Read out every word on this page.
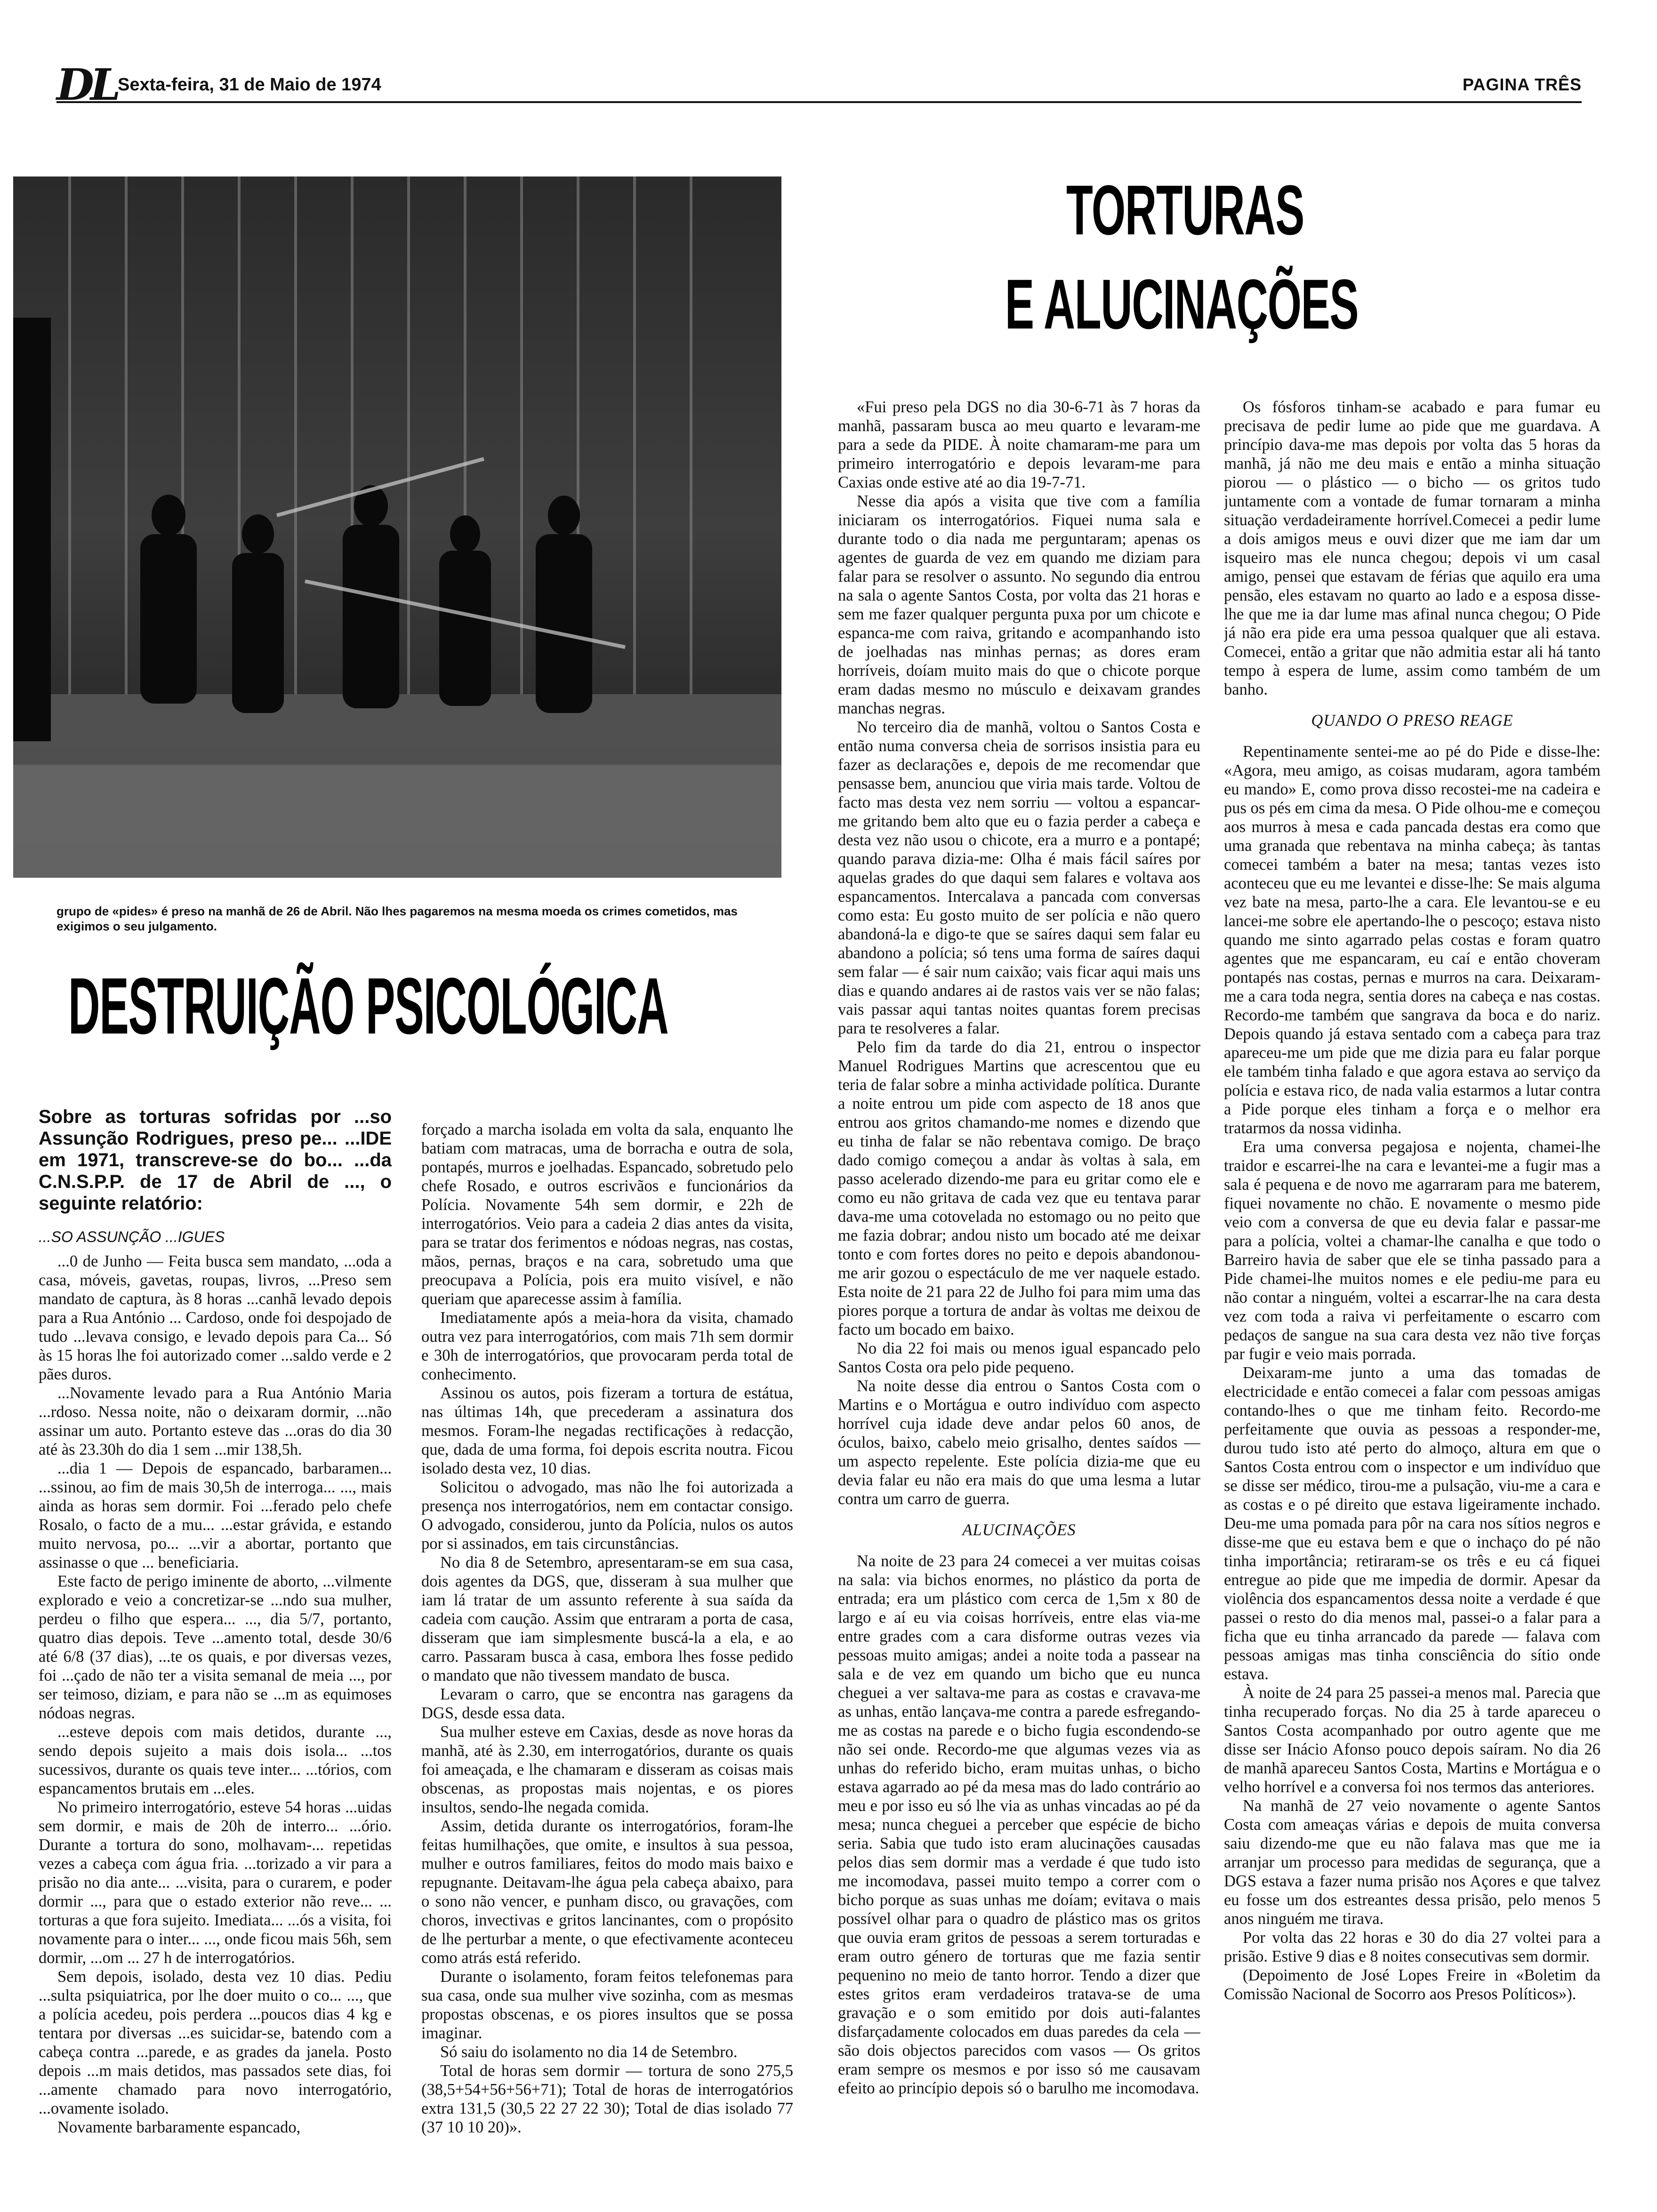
DL Sexta-feira, 31 de Maio de 1974	PAGINA TRÊS
grupo de «pides» é preso na manhã de 26 de Abril. Não lhes pagaremos na mesma moeda os crimes cometidos, mas exigimos o seu julgamento.
TORTURAS
E ALUCINAÇÕES
DESTRUIÇÃO PSICOLÓGICA

Sobre as torturas sofridas por ...so Assunção Rodrigues, preso pe... ...IDE em 1971, transcreve-se do bo... ...da C.N.S.P.P. de 17 de Abril de ..., o seguinte relatório:

...SO ASSUNÇÃO ...IGUES

...0 de Junho — Feita busca sem mandato, ...oda a casa, móveis, gavetas, roupas, livros, ...Preso sem mandato de captura, às 8 horas ...canhã levado depois para a Rua António ... Cardoso, onde foi despojado de tudo ...levava consigo, e levado depois para Ca... Só às 15 horas lhe foi autorizado comer ...saldo verde e 2 pães duros.

...Novamente levado para a Rua António Maria ...rdoso. Nessa noite, não o deixaram dormir, ...não assinar um auto. Portanto esteve das ...oras do dia 30 até às 23.30h do dia 1 sem ...mir 138,5h.

...dia 1 — Depois de espancado, barbaramen... ...ssinou, ao fim de mais 30,5h de interroga... ..., mais ainda as horas sem dormir. Foi ...ferado pelo chefe Rosalo, o facto de a mu... ...estar grávida, e estando muito nervosa, po... ...vir a abortar, portanto que assinasse o que ... beneficiaria.

Este facto de perigo iminente de aborto, ...vilmente explorado e veio a concretizar-se ...ndo sua mulher, perdeu o filho que espera... ..., dia 5/7, portanto, quatro dias depois. Teve ...amento total, desde 30/6 até 6/8 (37 dias), ...te os quais, e por diversas vezes, foi ...çado de não ter a visita semanal de meia ..., por ser teimoso, diziam, e para não se ...m as equimoses nódoas negras.

...esteve depois com mais detidos, durante ..., sendo depois sujeito a mais dois isola... ...tos sucessivos, durante os quais teve inter... ...tórios, com espancamentos brutais em ...eles.

No primeiro interrogatório, esteve 54 horas ...uidas sem dormir, e mais de 20h de interro... ...ório. Durante a tortura do sono, molhavam-... repetidas vezes a cabeça com água fria. ...torizado a vir para a prisão no dia ante... ...visita, para o curarem, e poder dormir ..., para que o estado exterior não reve... ... torturas a que fora sujeito. Imediata... ...ós a visita, foi novamente para o inter... ..., onde ficou mais 56h, sem dormir, ...om ... 27 h de interrogatórios.

Sem depois, isolado, desta vez 10 dias. Pediu ...sulta psiquiatrica, por lhe doer muito o co... ..., que a polícia acedeu, pois perdera ...poucos dias 4 kg e tentara por diversas ...es suicidar-se, batendo com a cabeça contra ...parede, e as grades da janela. Posto depois ...m mais detidos, mas passados sete dias, foi ...amente chamado para novo interrogatório, ...ovamente isolado.

Novamente barbaramente espancado,

forçado a marcha isolada em volta da sala, enquanto lhe batiam com matracas, uma de borracha e outra de sola, pontapés, murros e joelhadas. Espancado, sobretudo pelo chefe Rosado, e outros escrivãos e funcionários da Polícia. Novamente 54h sem dormir, e 22h de interrogatórios. Veio para a cadeia 2 dias antes da visita, para se tratar dos ferimentos e nódoas negras, nas costas, mãos, pernas, braços e na cara, sobretudo uma que preocupava a Polícia, pois era muito visível, e não queriam que aparecesse assim à família.

Imediatamente após a meia-hora da visita, chamado outra vez para interrogatórios, com mais 71h sem dormir e 30h de interrogatórios, que provocaram perda total de conhecimento.

Assinou os autos, pois fizeram a tortura de estátua, nas últimas 14h, que precederam a assinatura dos mesmos. Foram-lhe negadas rectificações à redacção, que, dada de uma forma, foi depois escrita noutra. Ficou isolado desta vez, 10 dias.

Solicitou o advogado, mas não lhe foi autorizada a presença nos interrogatórios, nem em contactar consigo. O advogado, considerou, junto da Polícia, nulos os autos por si assinados, em tais circunstâncias.

No dia 8 de Setembro, apresentaram-se em sua casa, dois agentes da DGS, que, disseram à sua mulher que iam lá tratar de um assunto referente à sua saída da cadeia com caução. Assim que entraram a porta de casa, disseram que iam simplesmente buscá-la a ela, e ao carro. Passaram busca à casa, embora lhes fosse pedido o mandato que não tivessem mandato de busca.

Levaram o carro, que se encontra nas garagens da DGS, desde essa data.

Sua mulher esteve em Caxias, desde as nove horas da manhã, até às 2.30, em interrogatórios, durante os quais foi ameaçada, e lhe chamaram e disseram as coisas mais obscenas, as propostas mais nojentas, e os piores insultos, sendo-lhe negada comida.

Assim, detida durante os interrogatórios, foram-lhe feitas humilhações, que omite, e insultos à sua pessoa, mulher e outros familiares, feitos do modo mais baixo e repugnante. Deitavam-lhe água pela cabeça abaixo, para o sono não vencer, e punham disco, ou gravações, com choros, invectivas e gritos lancinantes, com o propósito de lhe perturbar a mente, o que efectivamente aconteceu como atrás está referido.

Durante o isolamento, foram feitos telefonemas para sua casa, onde sua mulher vive sozinha, com as mesmas propostas obscenas, e os piores insultos que se possa imaginar.

Só saiu do isolamento no dia 14 de Setembro.

Total de horas sem dormir — tortura de sono 275,5 (38,5+54+56+56+71); Total de horas de interrogatórios extra 131,5 (30,5 22 27 22 30); Total de dias isolado 77 (37 10 10 20)».

«Fui preso pela DGS no dia 30-6-71 às 7 horas da manhã, passaram busca ao meu quarto e levaram-me para a sede da PIDE. À noite chamaram-me para um primeiro interrogatório e depois levaram-me para Caxias onde estive até ao dia 19-7-71.

Nesse dia após a visita que tive com a família iniciaram os interrogatórios. Fiquei numa sala e durante todo o dia nada me perguntaram; apenas os agentes de guarda de vez em quando me diziam para falar para se resolver o assunto. No segundo dia entrou na sala o agente Santos Costa, por volta das 21 horas e sem me fazer qualquer pergunta puxa por um chicote e espanca-me com raiva, gritando e acompanhando isto de joelhadas nas minhas pernas; as dores eram horríveis, doíam muito mais do que o chicote porque eram dadas mesmo no músculo e deixavam grandes manchas negras.

No terceiro dia de manhã, voltou o Santos Costa e então numa conversa cheia de sorrisos insistia para eu fazer as declarações e, depois de me recomendar que pensasse bem, anunciou que viria mais tarde. Voltou de facto mas desta vez nem sorriu — voltou a espancar-me gritando bem alto que eu o fazia perder a cabeça e desta vez não usou o chicote, era a murro e a pontapé; quando parava dizia-me: Olha é mais fácil saíres por aquelas grades do que daqui sem falares e voltava aos espancamentos. Intercalava a pancada com conversas como esta: Eu gosto muito de ser polícia e não quero abandoná-la e digo-te que se saíres daqui sem falar eu abandono a polícia; só tens uma forma de saíres daqui sem falar — é sair num caixão; vais ficar aqui mais uns dias e quando andares ai de rastos vais ver se não falas; vais passar aqui tantas noites quantas forem precisas para te resolveres a falar.

Pelo fim da tarde do dia 21, entrou o inspector Manuel Rodrigues Martins que acrescentou que eu teria de falar sobre a minha actividade política. Durante a noite entrou um pide com aspecto de 18 anos que entrou aos gritos chamando-me nomes e dizendo que eu tinha de falar se não rebentava comigo. De braço dado comigo começou a andar às voltas à sala, em passo acelerado dizendo-me para eu gritar como ele e como eu não gritava de cada vez que eu tentava parar dava-me uma cotovelada no estomago ou no peito que me fazia dobrar; andou nisto um bocado até me deixar tonto e com fortes dores no peito e depois abandonou-me arir gozou o espectáculo de me ver naquele estado. Esta noite de 21 para 22 de Julho foi para mim uma das piores porque a tortura de andar às voltas me deixou de facto um bocado em baixo.

No dia 22 foi mais ou menos igual espancado pelo Santos Costa ora pelo pide pequeno.

Na noite desse dia entrou o Santos Costa com o Martins e o Mortágua e outro indivíduo com aspecto horrível cuja idade deve andar pelos 60 anos, de óculos, baixo, cabelo meio grisalho, dentes saídos — um aspecto repelente. Este polícia dizia-me que eu devia falar eu não era mais do que uma lesma a lutar contra um carro de guerra.

ALUCINAÇÕES

Na noite de 23 para 24 comecei a ver muitas coisas na sala: via bichos enormes, no plástico da porta de entrada; era um plástico com cerca de 1,5m x 80 de largo e aí eu via coisas horríveis, entre elas via-me entre grades com a cara disforme outras vezes via pessoas muito amigas; andei a noite toda a passear na sala e de vez em quando um bicho que eu nunca cheguei a ver saltava-me para as costas e cravava-me as unhas, então lançava-me contra a parede esfregando-me as costas na parede e o bicho fugia escondendo-se não sei onde. Recordo-me que algumas vezes via as unhas do referido bicho, eram muitas unhas, o bicho estava agarrado ao pé da mesa mas do lado contrário ao meu e por isso eu só lhe via as unhas vincadas ao pé da mesa; nunca cheguei a perceber que espécie de bicho seria. Sabia que tudo isto eram alucinações causadas pelos dias sem dormir mas a verdade é que tudo isto me incomodava, passei muito tempo a correr com o bicho porque as suas unhas me doíam; evitava o mais possível olhar para o quadro de plástico mas os gritos que ouvia eram gritos de pessoas a serem torturadas e eram outro género de torturas que me fazia sentir pequenino no meio de tanto horror. Tendo a dizer que estes gritos eram verdadeiros tratava-se de uma gravação e o som emitido por dois auti-falantes disfarçadamente colocados em duas paredes da cela — são dois objectos parecidos com vasos — Os gritos eram sempre os mesmos e por isso só me causavam efeito ao princípio depois só o barulho me incomodava.

Os fósforos tinham-se acabado e para fumar eu precisava de pedir lume ao pide que me guardava. A princípio dava-me mas depois por volta das 5 horas da manhã, já não me deu mais e então a minha situação piorou — o plástico — o bicho — os gritos tudo juntamente com a vontade de fumar tornaram a minha situação verdadeiramente horrível.Comecei a pedir lume a dois amigos meus e ouvi dizer que me iam dar um isqueiro mas ele nunca chegou; depois vi um casal amigo, pensei que estavam de férias que aquilo era uma pensão, eles estavam no quarto ao lado e a esposa disse-lhe que me ia dar lume mas afinal nunca chegou; O Pide já não era pide era uma pessoa qualquer que ali estava. Comecei, então a gritar que não admitia estar ali há tanto tempo à espera de lume, assim como também de um banho.

QUANDO O PRESO REAGE

Repentinamente sentei-me ao pé do Pide e disse-lhe: «Agora, meu amigo, as coisas mudaram, agora também eu mando» E, como prova disso recostei-me na cadeira e pus os pés em cima da mesa. O Pide olhou-me e começou aos murros à mesa e cada pancada destas era como que uma granada que rebentava na minha cabeça; às tantas comecei também a bater na mesa; tantas vezes isto aconteceu que eu me levantei e disse-lhe: Se mais alguma vez bate na mesa, parto-lhe a cara. Ele levantou-se e eu lancei-me sobre ele apertando-lhe o pescoço; estava nisto quando me sinto agarrado pelas costas e foram quatro agentes que me espancaram, eu caí e então choveram pontapés nas costas, pernas e murros na cara. Deixaram-me a cara toda negra, sentia dores na cabeça e nas costas. Recordo-me também que sangrava da boca e do nariz. Depois quando já estava sentado com a cabeça para traz apareceu-me um pide que me dizia para eu falar porque ele também tinha falado e que agora estava ao serviço da polícia e estava rico, de nada valia estarmos a lutar contra a Pide porque eles tinham a força e o melhor era tratarmos da nossa vidinha.

Era uma conversa pegajosa e nojenta, chamei-lhe traidor e escarrei-lhe na cara e levantei-me a fugir mas a sala é pequena e de novo me agarraram para me baterem, fiquei novamente no chão. E novamente o mesmo pide veio com a conversa de que eu devia falar e passar-me para a polícia, voltei a chamar-lhe canalha e que todo o Barreiro havia de saber que ele se tinha passado para a Pide chamei-lhe muitos nomes e ele pediu-me para eu não contar a ninguém, voltei a escarrar-lhe na cara desta vez com toda a raiva vi perfeitamente o escarro com pedaços de sangue na sua cara desta vez não tive forças par fugir e veio mais porrada.

Deixaram-me junto a uma das tomadas de electricidade e então comecei a falar com pessoas amigas contando-lhes o que me tinham feito. Recordo-me perfeitamente que ouvia as pessoas a responder-me, durou tudo isto até perto do almoço, altura em que o Santos Costa entrou com o inspector e um indivíduo que se disse ser médico, tirou-me a pulsação, viu-me a cara e as costas e o pé direito que estava ligeiramente inchado. Deu-me uma pomada para pôr na cara nos sítios negros e disse-me que eu estava bem e que o inchaço do pé não tinha importância; retiraram-se os três e eu cá fiquei entregue ao pide que me impedia de dormir. Apesar da violência dos espancamentos dessa noite a verdade é que passei o resto do dia menos mal, passei-o a falar para a ficha que eu tinha arrancado da parede — falava com pessoas amigas mas tinha consciência do sítio onde estava.

À noite de 24 para 25 passei-a menos mal. Parecia que tinha recuperado forças. No dia 25 à tarde apareceu o Santos Costa acompanhado por outro agente que me disse ser Inácio Afonso pouco depois saíram. No dia 26 de manhã apareceu Santos Costa, Martins e Mortágua e o velho horrível e a conversa foi nos termos das anteriores.

Na manhã de 27 veio novamente o agente Santos Costa com ameaças várias e depois de muita conversa saiu dizendo-me que eu não falava mas que me ia arranjar um processo para medidas de segurança, que a DGS estava a fazer numa prisão nos Açores e que talvez eu fosse um dos estreantes dessa prisão, pelo menos 5 anos ninguém me tirava.

Por volta das 22 horas e 30 do dia 27 voltei para a prisão. Estive 9 dias e 8 noites consecutivas sem dormir.

(Depoimento de José Lopes Freire in «Boletim da Comissão Nacional de Socorro aos Presos Políticos»).
